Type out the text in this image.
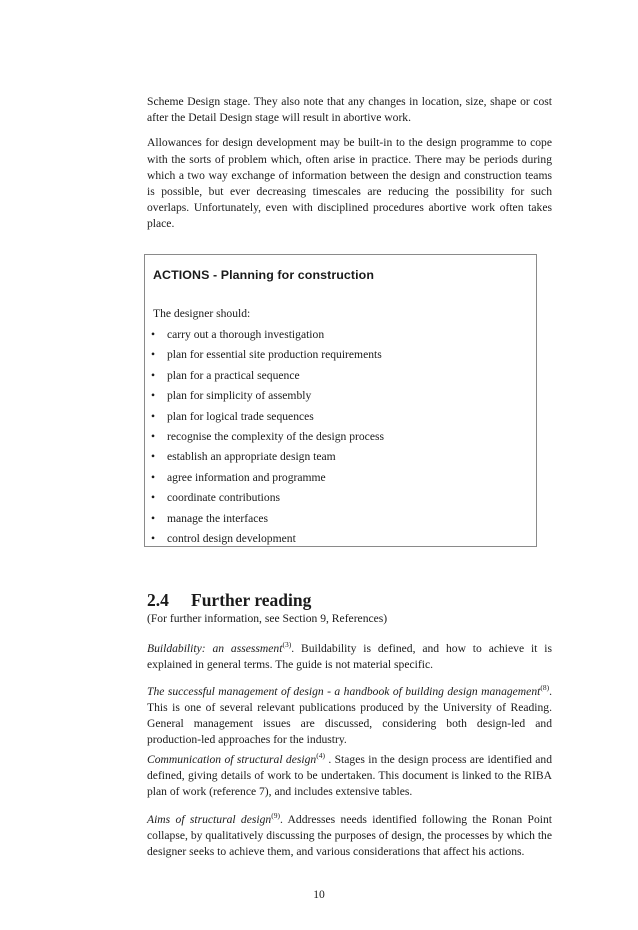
Scheme Design stage. They also note that any changes in location, size, shape or cost after the Detail Design stage will result in abortive work.

Allowances for design development may be built-in to the design programme to cope with the sorts of problem which, often arise in practice. There may be periods during which a two way exchange of information between the design and construction teams is possible, but ever decreasing timescales are reducing the possibility for such overlaps. Unfortunately, even with disciplined procedures abortive work often takes place.

ACTIONS - Planning for construction
The designer should:
• carry out a thorough investigation
• plan for essential site production requirements
• plan for a practical sequence
• plan for simplicity of assembly
• plan for logical trade sequences
• recognise the complexity of the design process
• establish an appropriate design team
• agree information and programme
• coordinate contributions
• manage the interfaces
• control design development
2.4 Further reading
(For further information, see Section 9, References)

Buildability: an assessment$^{(3)}$. Buildability is defined, and how to achieve it is explained in general terms. The guide is not material specific.

The successful management of design - a handbook of building design management$^{(8)}$. This is one of several relevant publications produced by the University of Reading. General management issues are discussed, considering both design-led and production-led approaches for the industry.

Communication of structural design$^{(4)}$ . Stages in the design process are identified and defined, giving details of work to be undertaken. This document is linked to the RIBA plan of work (reference 7), and includes extensive tables.

Aims of structural design$^{(9)}$. Addresses needs identified following the Ronan Point collapse, by qualitatively discussing the purposes of design, the processes by which the designer seeks to achieve them, and various considerations that affect his actions.

10
